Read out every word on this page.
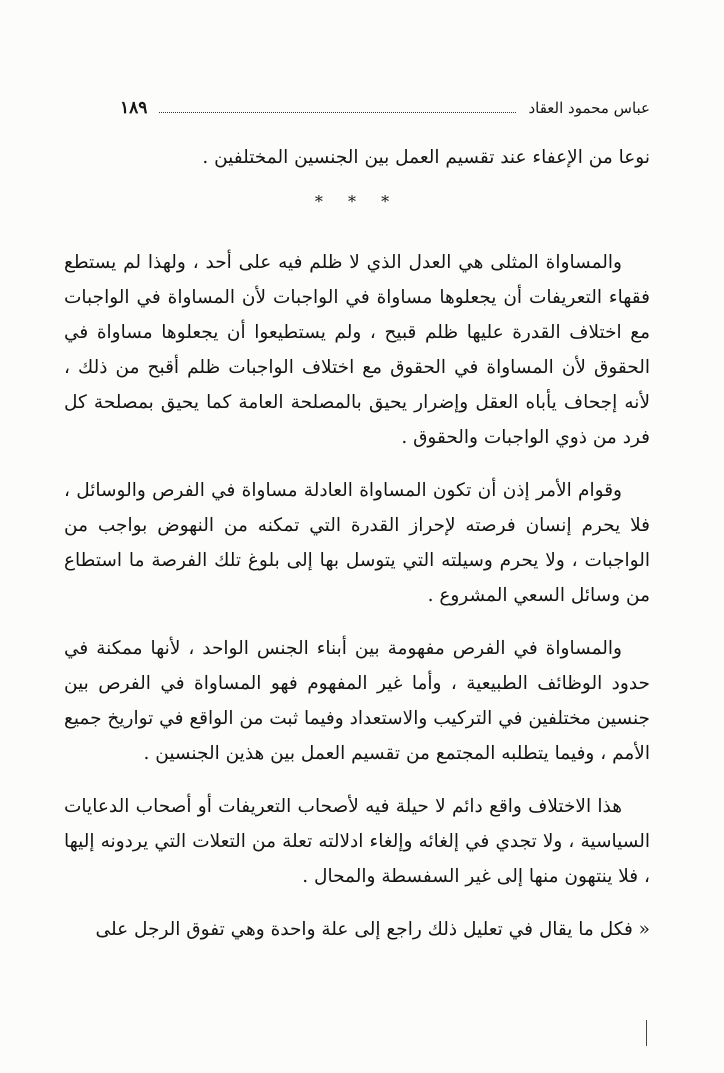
عباس محمود العقاد
١٨٩

نوعا من الإعفاء عند تقسيم العمل بين الجنسين المختلفين .

* * *

والمساواة المثلى هي العدل الذي لا ظلم فيه على أحد ، ولهذا لم يستطع فقهاء التعريفات أن يجعلوها مساواة في الواجبات لأن المساواة في الواجبات مع اختلاف القدرة عليها ظلم قبيح ، ولم يستطيعوا أن يجعلوها مساواة في الحقوق لأن المساواة في الحقوق مع اختلاف الواجبات ظلم أقبح من ذلك ، لأنه إجحاف يأباه العقل وإضرار يحيق بالمصلحة العامة كما يحيق بمصلحة كل فرد من ذوي الواجبات والحقوق .

وقوام الأمر إذن أن تكون المساواة العادلة مساواة في الفرص والوسائل ، فلا يحرم إنسان فرصته لإحراز القدرة التي تمكنه من النهوض بواجب من الواجبات ، ولا يحرم وسيلته التي يتوسل بها إلى بلوغ تلك الفرصة ما استطاع من وسائل السعي المشروع .

والمساواة في الفرص مفهومة بين أبناء الجنس الواحد ، لأنها ممكنة في حدود الوظائف الطبيعية ، وأما غير المفهوم فهو المساواة في الفرص بين جنسين مختلفين في التركيب والاستعداد وفيما ثبت من الواقع في تواريخ جميع الأمم ، وفيما يتطلبه المجتمع من تقسيم العمل بين هذين الجنسين .

هذا الاختلاف واقع دائم لا حيلة فيه لأصحاب التعريفات أو أصحاب الدعايات السياسية ، ولا تجدي في إلغائه وإلغاء ادلالته تعلة من التعلات التي يردونه إليها ، فلا ينتهون منها إلى غير السفسطة والمحال .

« فكل ما يقال في تعليل ذلك راجع إلى علة واحدة وهي تفوق الرجل على
